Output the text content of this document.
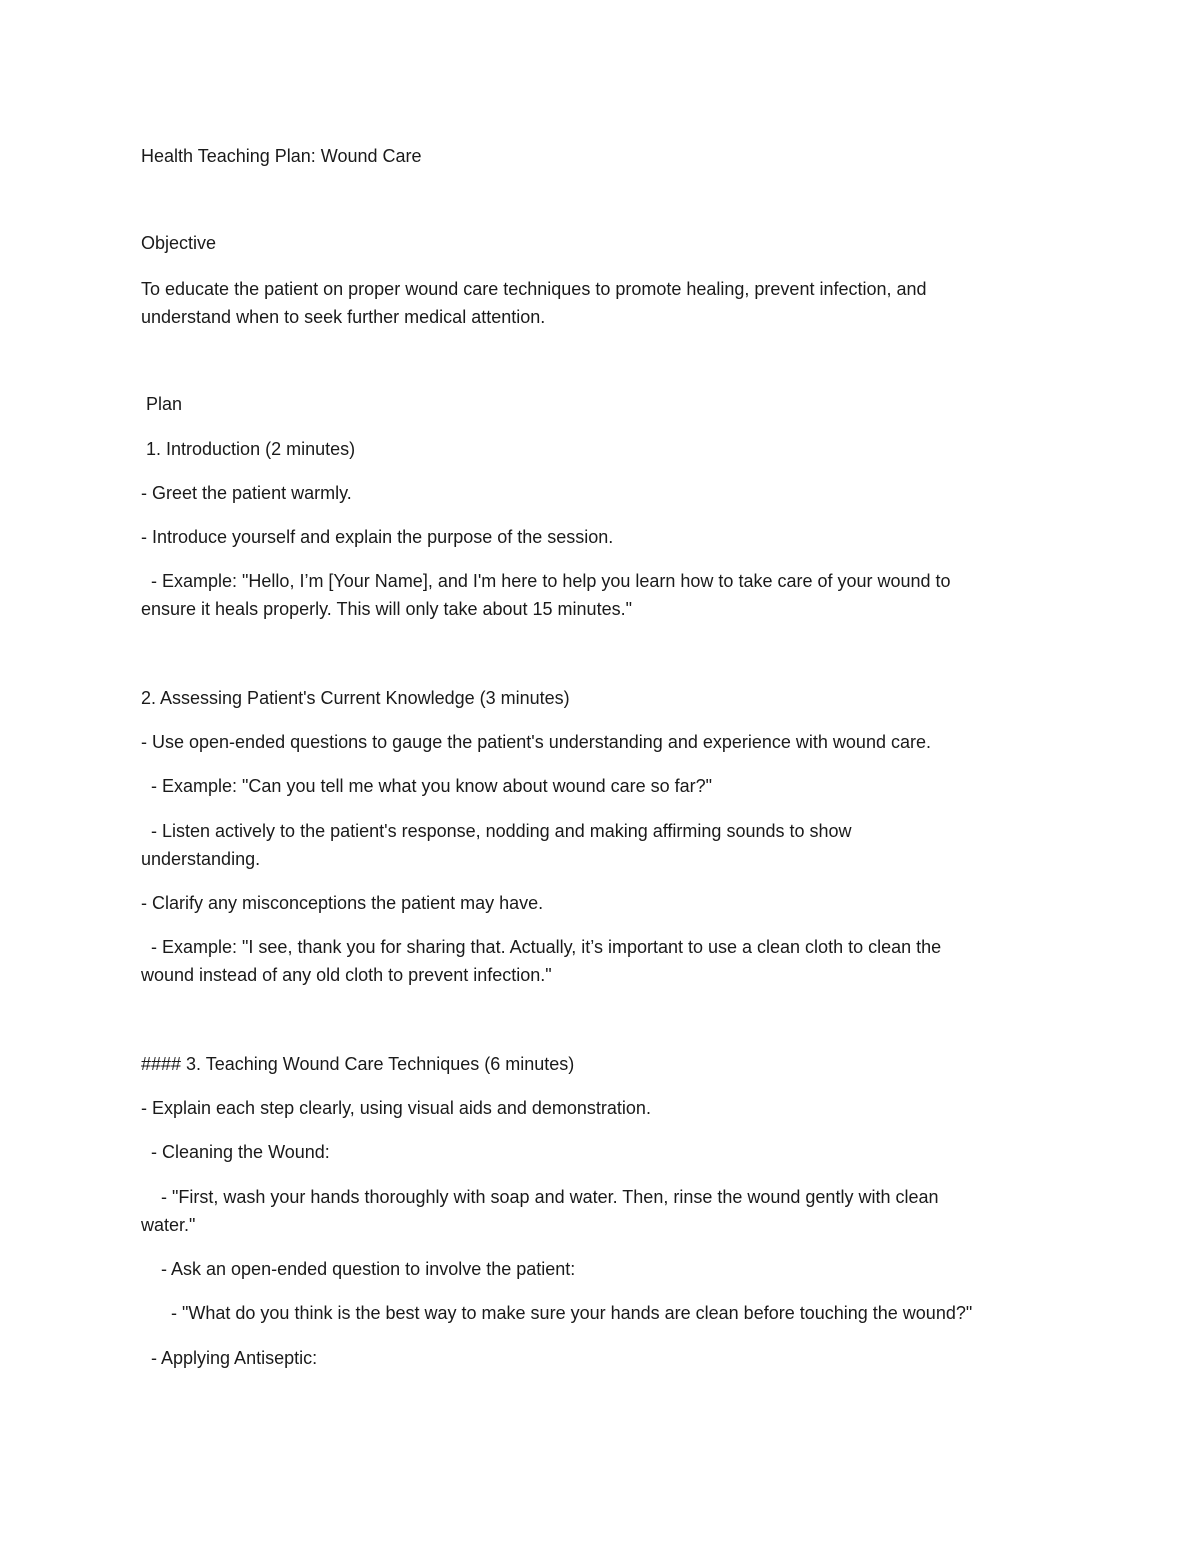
Health Teaching Plan: Wound Care
Objective
To educate the patient on proper wound care techniques to promote healing, prevent infection, and
understand when to seek further medical attention.
Plan
1. Introduction (2 minutes)
- Greet the patient warmly.
- Introduce yourself and explain the purpose of the session.
- Example: "Hello, I’m [Your Name], and I'm here to help you learn how to take care of your wound to
ensure it heals properly. This will only take about 15 minutes."
2. Assessing Patient's Current Knowledge (3 minutes)
- Use open-ended questions to gauge the patient's understanding and experience with wound care.
- Example: "Can you tell me what you know about wound care so far?"
- Listen actively to the patient's response, nodding and making affirming sounds to show
understanding.
- Clarify any misconceptions the patient may have.
- Example: "I see, thank you for sharing that. Actually, it’s important to use a clean cloth to clean the
wound instead of any old cloth to prevent infection."
#### 3. Teaching Wound Care Techniques (6 minutes)
- Explain each step clearly, using visual aids and demonstration.
- Cleaning the Wound:
- "First, wash your hands thoroughly with soap and water. Then, rinse the wound gently with clean
water."
- Ask an open-ended question to involve the patient:
- "What do you think is the best way to make sure your hands are clean before touching the wound?"
- Applying Antiseptic:
